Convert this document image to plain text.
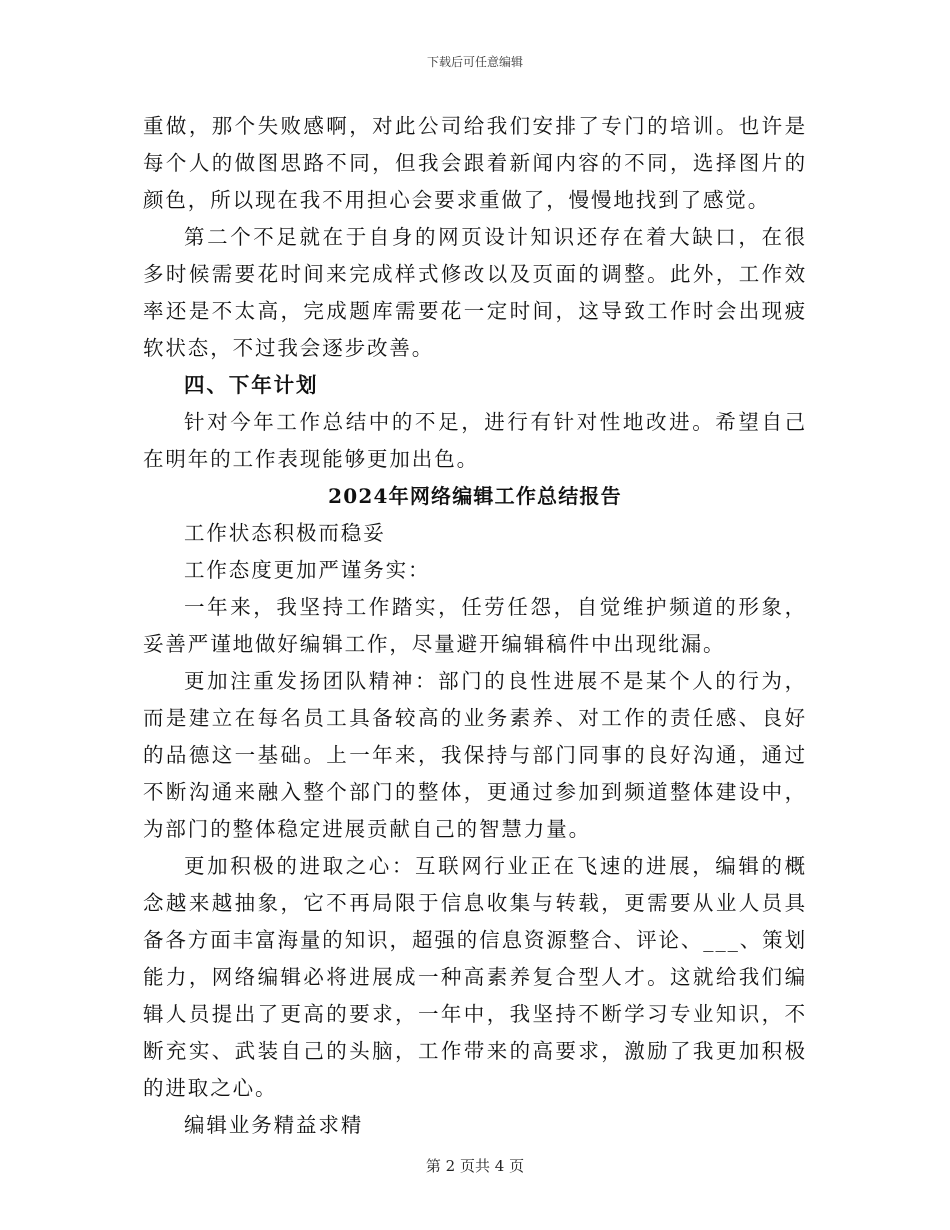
下载后可任意编辑

重做，那个失败感啊，对此公司给我们安排了专门的培训。也许是每个人的做图思路不同，但我会跟着新闻内容的不同，选择图片的颜色，所以现在我不用担心会要求重做了，慢慢地找到了感觉。

第二个不足就在于自身的网页设计知识还存在着大缺口，在很多时候需要花时间来完成样式修改以及页面的调整。此外，工作效率还是不太高，完成题库需要花一定时间，这导致工作时会出现疲软状态，不过我会逐步改善。

四、下年计划

针对今年工作总结中的不足，进行有针对性地改进。希望自己在明年的工作表现能够更加出色。

2024年网络编辑工作总结报告

工作状态积极而稳妥

工作态度更加严谨务实：

一年来，我坚持工作踏实，任劳任怨，自觉维护频道的形象，妥善严谨地做好编辑工作，尽量避开编辑稿件中出现纰漏。

更加注重发扬团队精神：部门的良性进展不是某个人的行为，而是建立在每名员工具备较高的业务素养、对工作的责任感、良好的品德这一基础。上一年来，我保持与部门同事的良好沟通，通过不断沟通来融入整个部门的整体，更通过参加到频道整体建设中，为部门的整体稳定进展贡献自己的智慧力量。

更加积极的进取之心：互联网行业正在飞速的进展，编辑的概念越来越抽象，它不再局限于信息收集与转载，更需要从业人员具备各方面丰富海量的知识，超强的信息资源整合、评论、___、策划能力，网络编辑必将进展成一种高素养复合型人才。这就给我们编辑人员提出了更高的要求，一年中，我坚持不断学习专业知识，不断充实、武装自己的头脑，工作带来的高要求，激励了我更加积极的进取之心。

编辑业务精益求精

第 2 页共 4 页
